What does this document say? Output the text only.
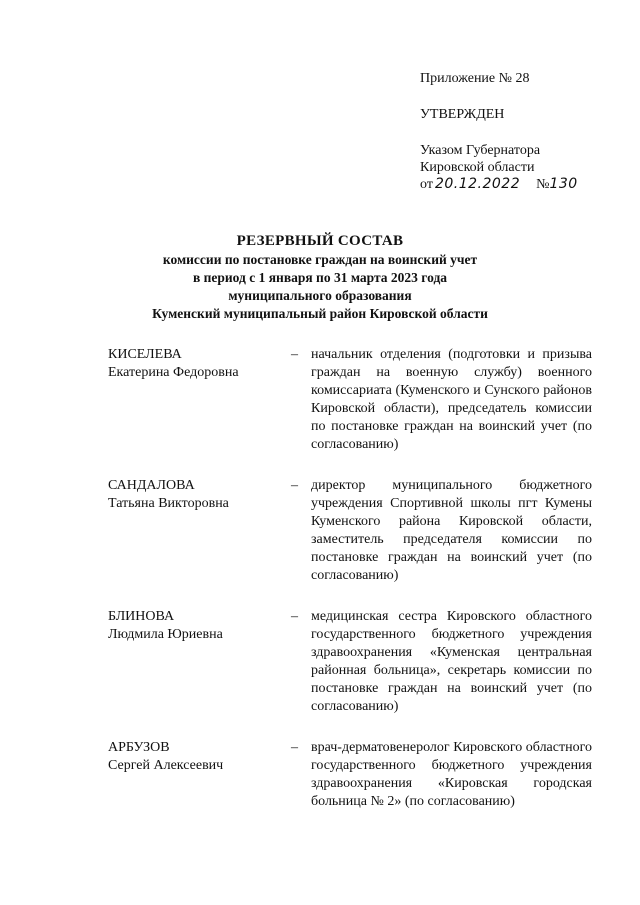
Приложение № 28
УТВЕРЖДЕН
Указом Губернатора
Кировской области
от 20.12.2022 №130
РЕЗЕРВНЫЙ СОСТАВ
комиссии по постановке граждан на воинский учет
в период с 1 января по 31 марта 2023 года
муниципального образования
Куменский муниципальный район Кировской области
КИСЕЛЕВА
Екатерина Федоровна
– начальник отделения (подготовки и призыва граждан на военную службу) военного комиссариата (Куменского и Сунского районов Кировской области), председатель комиссии по постановке граждан на воинский учет (по согласованию)
САНДАЛОВА
Татьяна Викторовна
– директор муниципального бюджетного учреждения Спортивной школы пгт Кумены Куменского района Кировской области, заместитель председателя комиссии по постановке граждан на воинский учет (по согласованию)
БЛИНОВА
Людмила Юриевна
– медицинская сестра Кировского областного государственного бюджетного учреждения здравоохранения «Куменская центральная районная больница», секретарь комиссии по постановке граждан на воинский учет (по согласованию)
АРБУЗОВ
Сергей Алексеевич
– врач-дерматовенеролог Кировского областного государственного бюджетного учреждения здравоохранения «Кировская городская больница № 2» (по согласованию)
